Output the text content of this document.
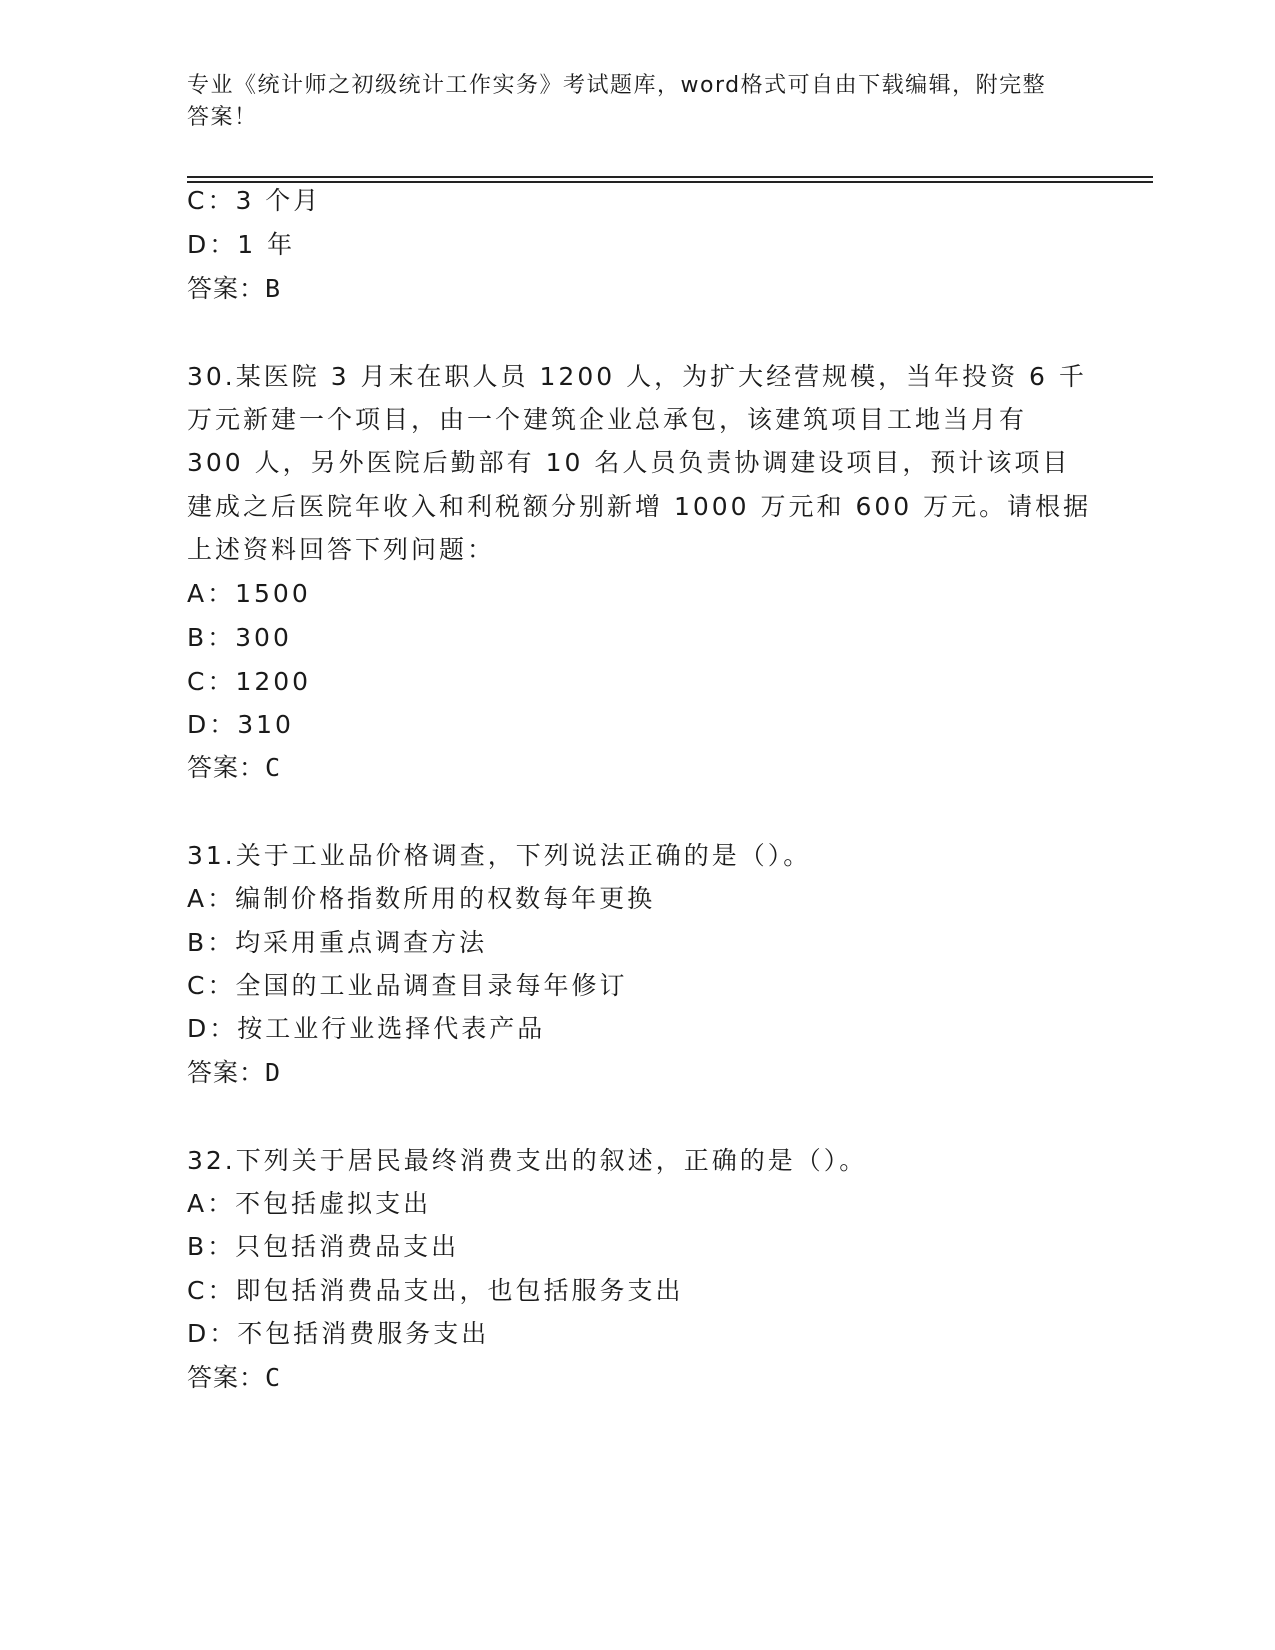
专业《统计师之初级统计工作实务》考试题库，word格式可自由下载编辑，附完整答案！
C：3 个月
D：1 年
答案：B
30.某医院 3 月末在职人员 1200 人，为扩大经营规模，当年投资 6 千
万元新建一个项目，由一个建筑企业总承包，该建筑项目工地当月有
300 人，另外医院后勤部有 10 名人员负责协调建设项目，预计该项目
建成之后医院年收入和利税额分别新增 1000 万元和 600 万元。请根据
上述资料回答下列问题：
A：1500
B：300
C：1200
D：310
答案：C
31.关于工业品价格调查，下列说法正确的是（）。
A：编制价格指数所用的权数每年更换
B：均采用重点调查方法
C：全国的工业品调查目录每年修订
D：按工业行业选择代表产品
答案：D
32.下列关于居民最终消费支出的叙述，正确的是（）。
A：不包括虚拟支出
B：只包括消费品支出
C：即包括消费品支出，也包括服务支出
D：不包括消费服务支出
答案：C
